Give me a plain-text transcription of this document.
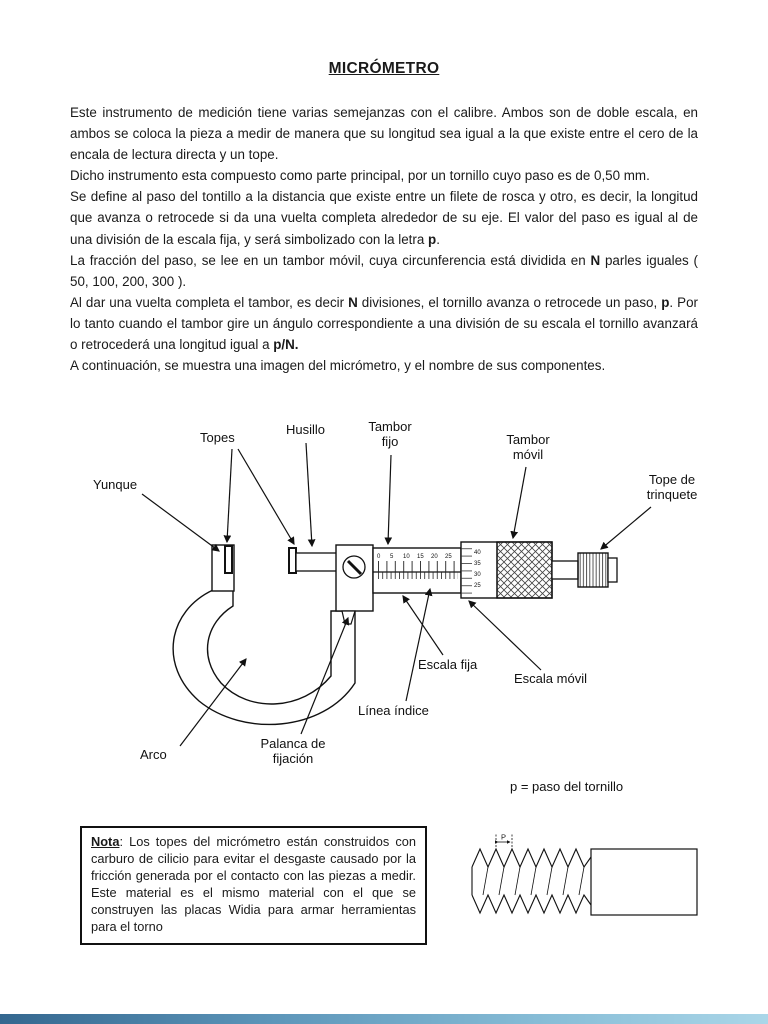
MICRÓMETRO

Este instrumento de medición tiene varias semejanzas con el calibre. Ambos son de doble escala, en ambos se coloca la pieza a medir de manera que su longitud sea igual a la que existe entre el cero de la encala de lectura directa y un tope.

Dicho instrumento esta compuesto como parte principal, por un tornillo cuyo paso es de 0,50 mm.

Se define al paso del tontillo a la distancia que existe entre un filete de rosca y otro, es decir, la longitud que avanza o retrocede si da una vuelta completa alrededor de su eje. El valor del paso es igual al de una división de la escala fija, y será simbolizado con la letra p.

La fracción del paso, se lee en un tambor móvil, cuya circunferencia está dividida en N parles iguales ( 50, 100, 200, 300 ).

Al dar una vuelta completa el tambor, es decir N divisiones, el tornillo avanza o retrocede un paso, p. Por lo tanto cuando el tambor gire un ángulo correspondiente a una división de su escala el tornillo avanzará o retrocederá una longitud igual a p/N.

A continuación, se muestra una imagen del micrómetro, y el nombre de sus componentes.

0 5 10 15 20 25
40
35
30
25
Yunque
Topes
Husillo	Tambor fijo	Tambor móvil
Tope de trinquete
Escala fija
Escala móvil
Línea índice
Palanca de fijación
Arco
p = paso del tornillo
P
Nota: Los topes del micrómetro están construidos con carburo de cilicio para evitar el desgaste causado por la fricción generada por el contacto con las piezas a medir. Este material es el mismo material con el que se construyen las placas Widia para armar herramientas para el torno
